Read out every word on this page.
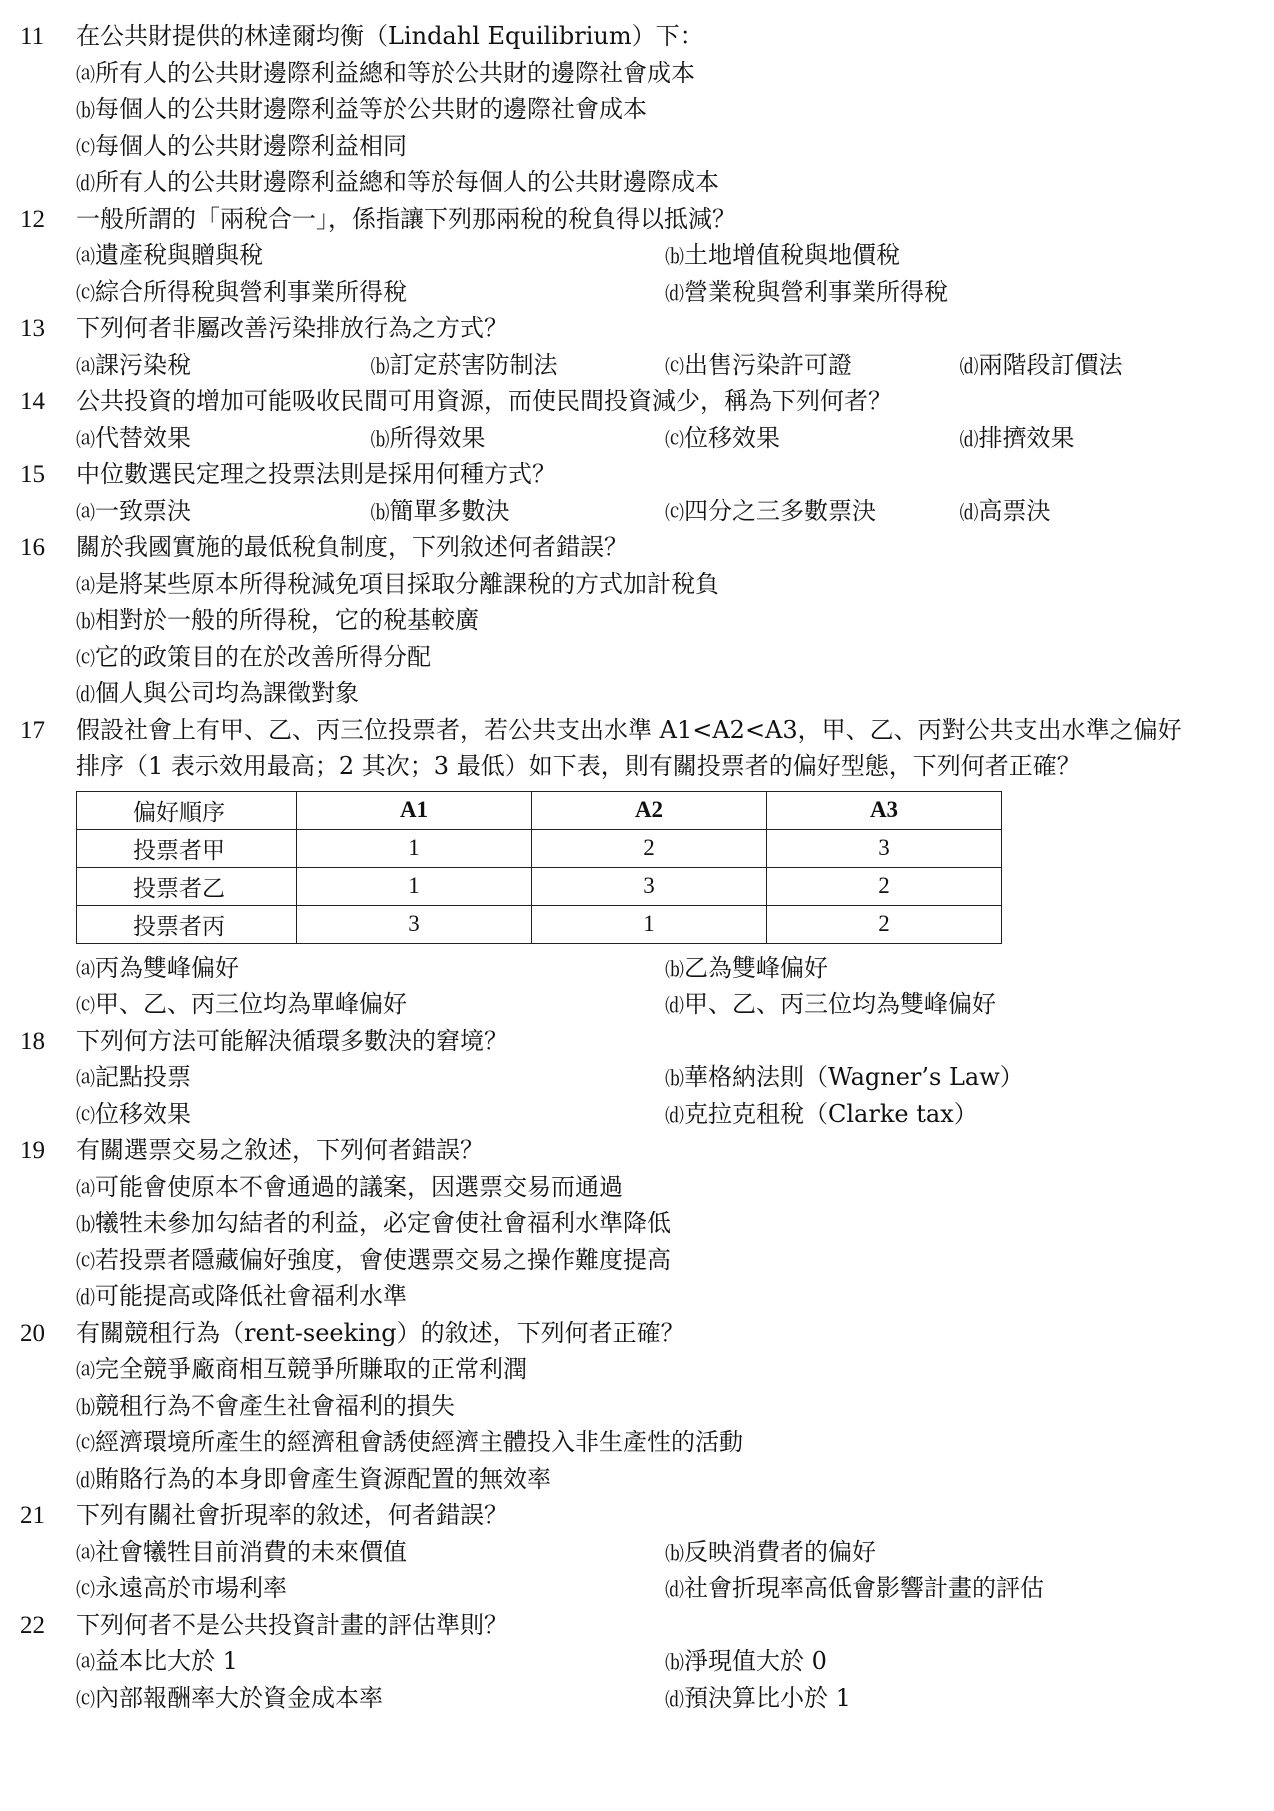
11	在公共財提供的林達爾均衡（Lindahl Equilibrium）下：
⒜所有人的公共財邊際利益總和等於公共財的邊際社會成本
⒝每個人的公共財邊際利益等於公共財的邊際社會成本
⒞每個人的公共財邊際利益相同
⒟所有人的公共財邊際利益總和等於每個人的公共財邊際成本
12	一般所謂的「兩稅合一」，係指讓下列那兩稅的稅負得以抵減？
⒜遺產稅與贈與稅	⒝土地增值稅與地價稅
⒞綜合所得稅與營利事業所得稅	⒟營業稅與營利事業所得稅
13	下列何者非屬改善污染排放行為之方式？
⒜課污染稅	⒝訂定菸害防制法	⒞出售污染許可證	⒟兩階段訂價法
14	公共投資的增加可能吸收民間可用資源，而使民間投資減少，稱為下列何者？
⒜代替效果	⒝所得效果	⒞位移效果	⒟排擠效果
15	中位數選民定理之投票法則是採用何種方式？
⒜一致票決	⒝簡單多數決	⒞四分之三多數票決	⒟高票決
16	關於我國實施的最低稅負制度，下列敘述何者錯誤？
⒜是將某些原本所得稅減免項目採取分離課稅的方式加計稅負
⒝相對於一般的所得稅，它的稅基較廣
⒞它的政策目的在於改善所得分配
⒟個人與公司均為課徵對象
17	假設社會上有甲、乙、丙三位投票者，若公共支出水準 A1<A2<A3，甲、乙、丙對公共支出水準之偏好
排序（1 表示效用最高；2 其次；3 最低）如下表，則有關投票者的偏好型態，下列何者正確？
偏好順序	A1	A2	A3
投票者甲	1	2	3
投票者乙	1	3	2
投票者丙	3	1	2
⒜丙為雙峰偏好	⒝乙為雙峰偏好
⒞甲、乙、丙三位均為單峰偏好	⒟甲、乙、丙三位均為雙峰偏好
18	下列何方法可能解決循環多數決的窘境？
⒜記點投票	⒝華格納法則（Wagner’s Law）
⒞位移效果	⒟克拉克租稅（Clarke tax）
19	有關選票交易之敘述，下列何者錯誤？
⒜可能會使原本不會通過的議案，因選票交易而通過
⒝犧牲未參加勾結者的利益，必定會使社會福利水準降低
⒞若投票者隱藏偏好強度，會使選票交易之操作難度提高
⒟可能提高或降低社會福利水準
20	有關競租行為（rent-seeking）的敘述，下列何者正確？
⒜完全競爭廠商相互競爭所賺取的正常利潤
⒝競租行為不會產生社會福利的損失
⒞經濟環境所產生的經濟租會誘使經濟主體投入非生產性的活動
⒟賄賂行為的本身即會產生資源配置的無效率
21	下列有關社會折現率的敘述，何者錯誤？
⒜社會犧牲目前消費的未來價值	⒝反映消費者的偏好
⒞永遠高於市場利率	⒟社會折現率高低會影響計畫的評估
22	下列何者不是公共投資計畫的評估準則？
⒜益本比大於 1	⒝淨現值大於 0
⒞內部報酬率大於資金成本率	⒟預決算比小於 1
